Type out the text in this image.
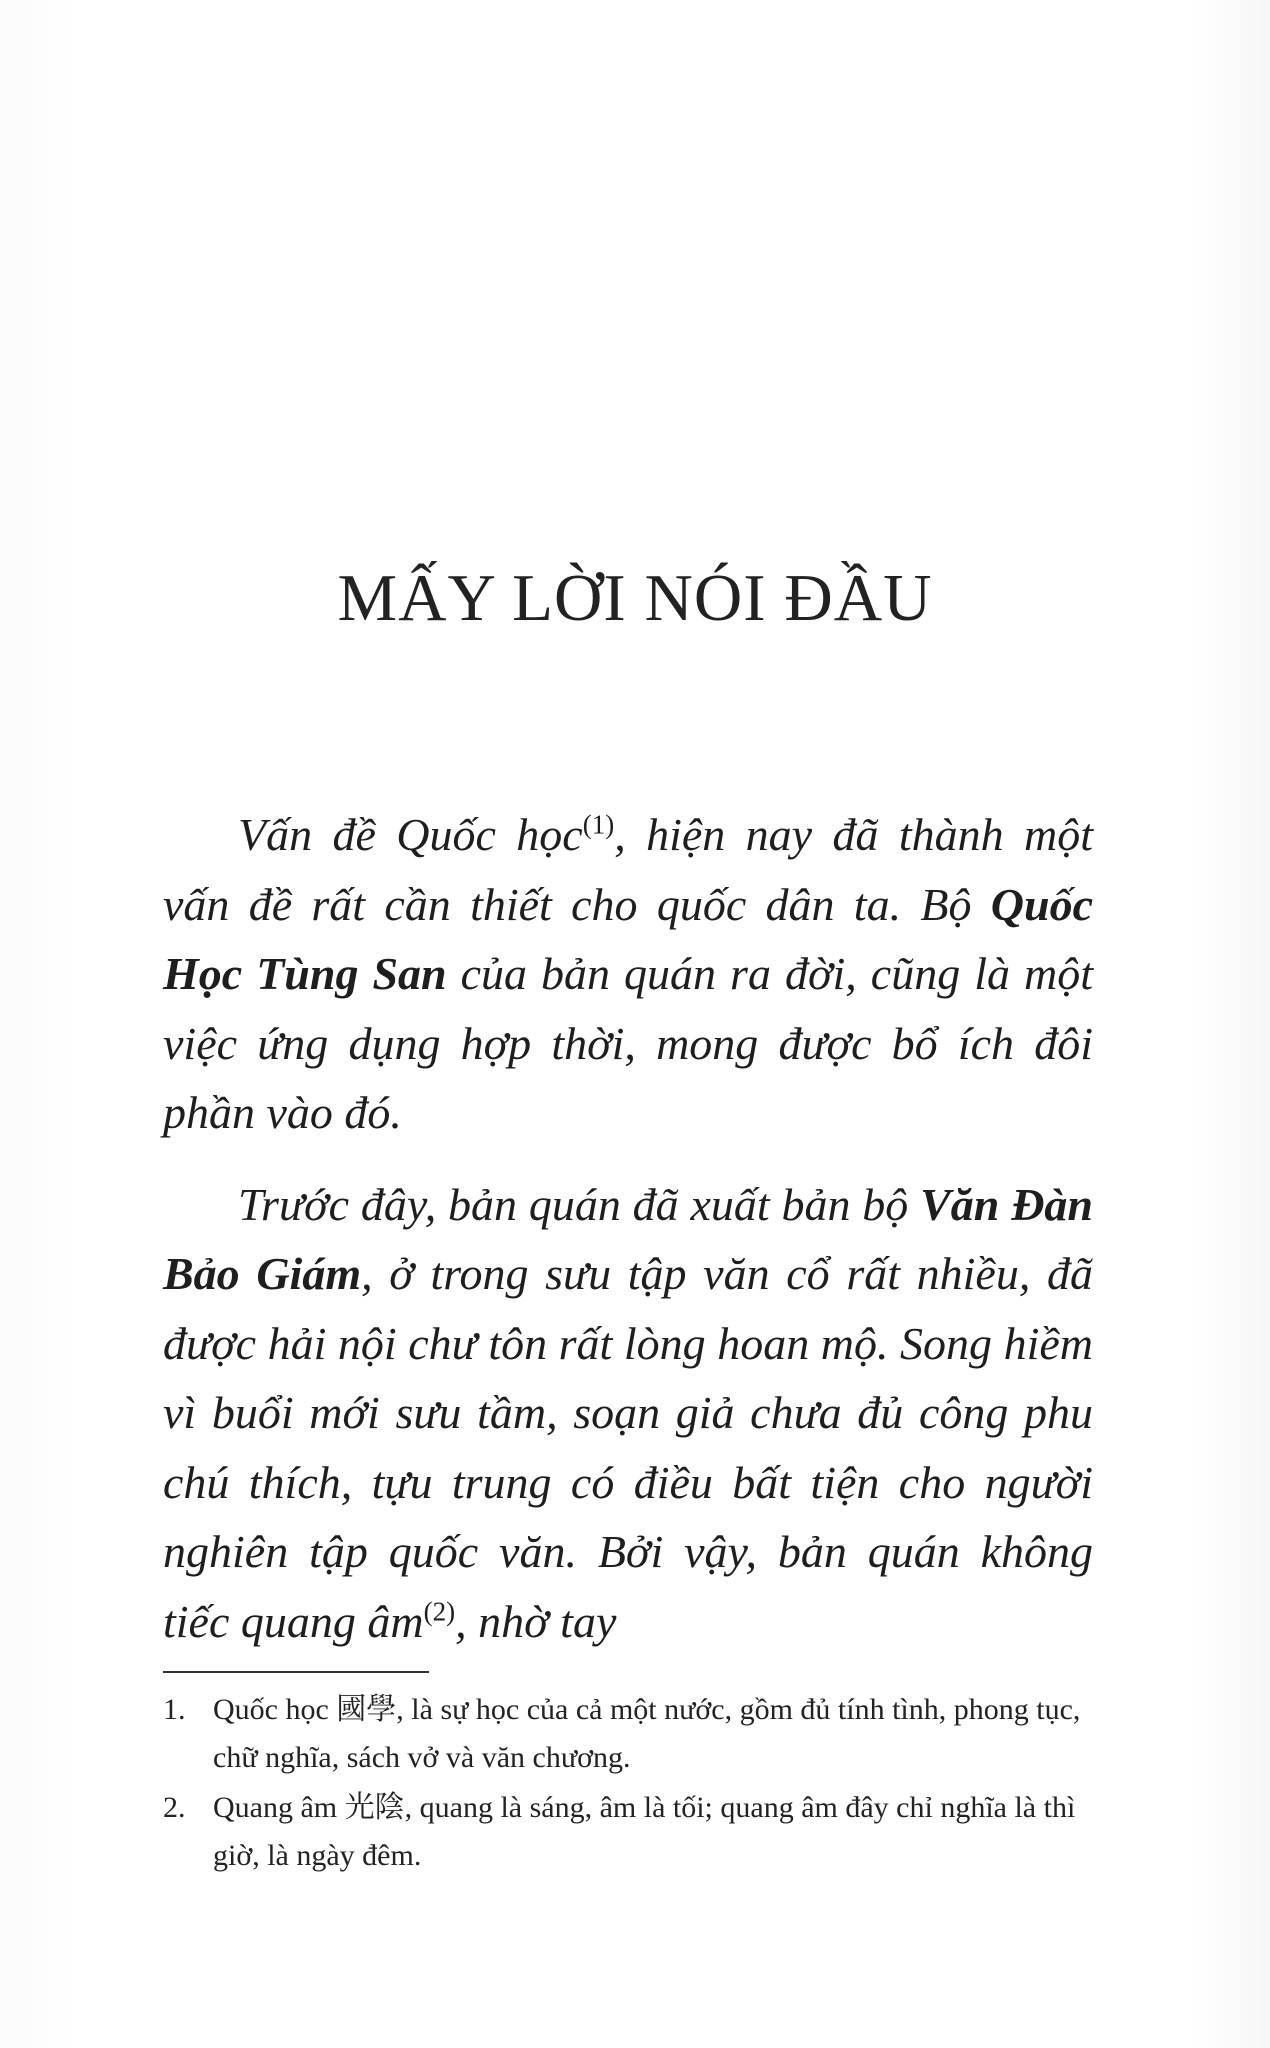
MẤY LỜI NÓI ĐẦU

Vấn đề Quốc học$^{(1)}$, hiện nay đã thành một vấn đề rất cần thiết cho quốc dân ta. Bộ Quốc Học Tùng San của bản quán ra đời, cũng là một việc ứng dụng hợp thời, mong được bổ ích đôi phần vào đó.

Trước đây, bản quán đã xuất bản bộ Văn Đàn Bảo Giám, ở trong sưu tập văn cổ rất nhiều, đã được hải nội chư tôn rất lòng hoan mộ. Song hiềm vì buổi mới sưu tầm, soạn giả chưa đủ công phu chú thích, tựu trung có điều bất tiện cho người nghiên tập quốc văn. Bởi vậy, bản quán không tiếc quang âm$^{(2)}$, nhờ tay

1. Quốc học 國學, là sự học của cả một nước, gồm đủ tính tình, phong tục, chữ nghĩa, sách vở và văn chương.
2. Quang âm 光陰, quang là sáng, âm là tối; quang âm đây chỉ nghĩa là thì giờ, là ngày đêm.
